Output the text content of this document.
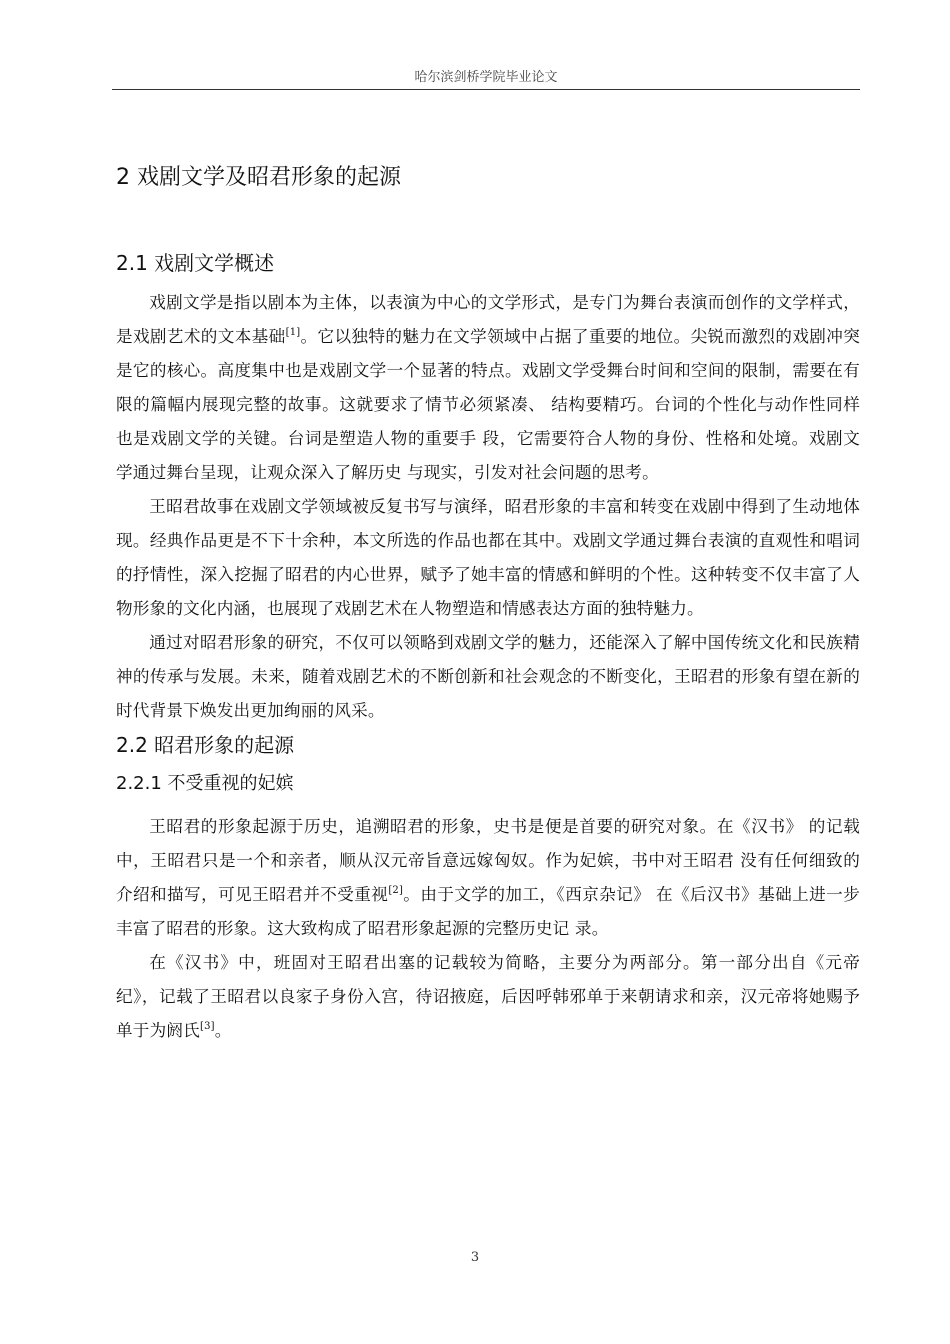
哈尔滨剑桥学院毕业论文
2 戏剧文学及昭君形象的起源
2.1 戏剧文学概述

戏剧文学是指以剧本为主体，以表演为中心的文学形式，是专门为舞台表演而创作的文学样式，是戏剧艺术的文本基础[1]。它以独特的魅力在文学领域中占据了重要的地位。尖锐而激烈的戏剧冲突是它的核心。高度集中也是戏剧文学一个显著的特点。戏剧文学受舞台时间和空间的限制，需要在有限的篇幅内展现完整的故事。这就要求了情节必须紧凑、 结构要精巧。台词的个性化与动作性同样也是戏剧文学的关键。台词是塑造人物的重要手 段，它需要符合人物的身份、性格和处境。戏剧文学通过舞台呈现，让观众深入了解历史 与现实，引发对社会问题的思考。

王昭君故事在戏剧文学领域被反复书写与演绎，昭君形象的丰富和转变在戏剧中得到了生动地体现。经典作品更是不下十余种，本文所选的作品也都在其中。戏剧文学通过舞台表演的直观性和唱词的抒情性，深入挖掘了昭君的内心世界，赋予了她丰富的情感和鲜明的个性。这种转变不仅丰富了人物形象的文化内涵，也展现了戏剧艺术在人物塑造和情感表达方面的独特魅力。

通过对昭君形象的研究，不仅可以领略到戏剧文学的魅力，还能深入了解中国传统文化和民族精神的传承与发展。未来，随着戏剧艺术的不断创新和社会观念的不断变化，王昭君的形象有望在新的时代背景下焕发出更加绚丽的风采。

2.2 昭君形象的起源
2.2.1 不受重视的妃嫔

王昭君的形象起源于历史，追溯昭君的形象，史书是便是首要的研究对象。在《汉书》 的记载中，王昭君只是一个和亲者，顺从汉元帝旨意远嫁匈奴。作为妃嫔，书中对王昭君 没有任何细致的介绍和描写，可见王昭君并不受重视[2]。由于文学的加工，《西京杂记》 在《后汉书》基础上进一步丰富了昭君的形象。这大致构成了昭君形象起源的完整历史记 录。

在《汉书》中，班固对王昭君出塞的记载较为简略，主要分为两部分。第一部分出自《元帝纪》，记载了王昭君以良家子身份入宫，待诏掖庭，后因呼韩邪单于来朝请求和亲，汉元帝将她赐予单于为阏氏[3]。

3
